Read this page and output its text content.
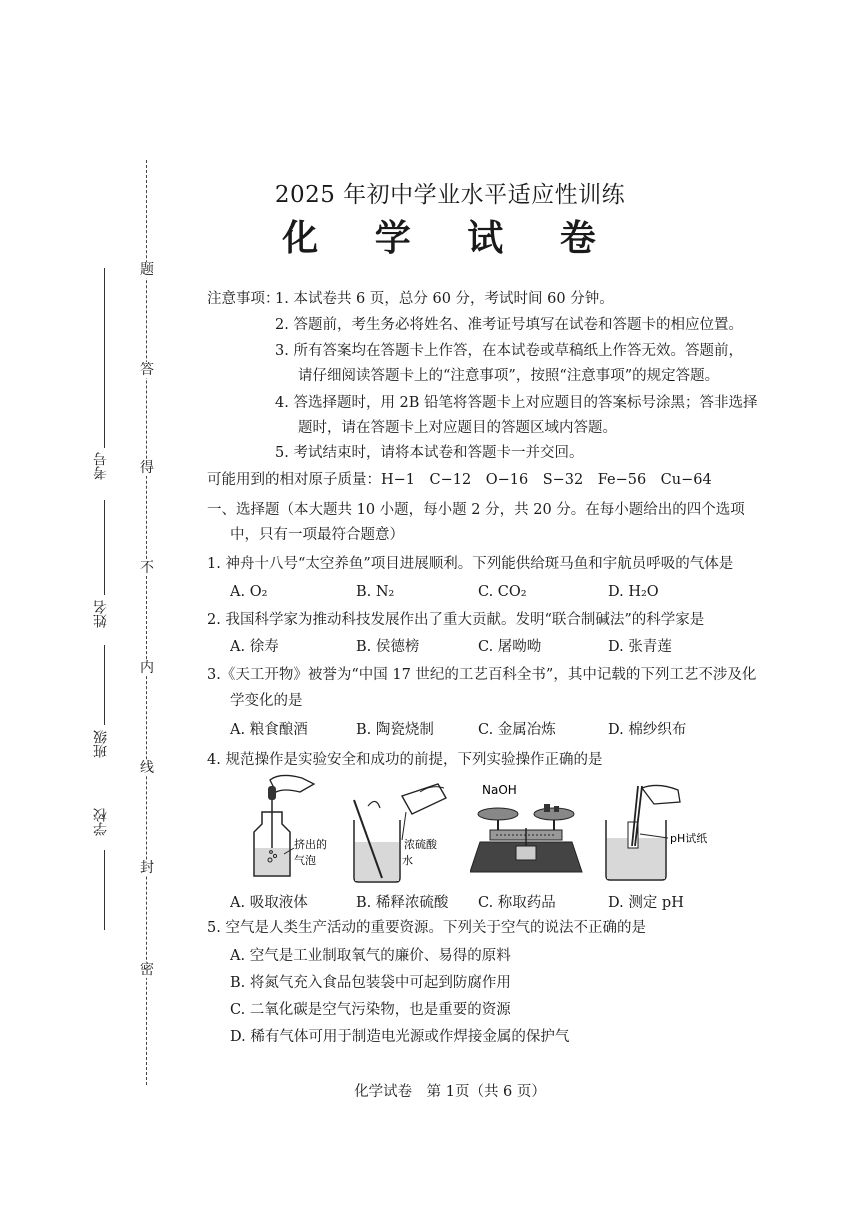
题
答
得
不
内
线
封
密
考号
姓名
班级
学校
2025 年初中学业水平适应性训练
化 学 试 卷
注意事项：
1. 本试卷共 6 页，总分 60 分，考试时间 60 分钟。
2. 答题前，考生务必将姓名、准考证号填写在试卷和答题卡的相应位置。
3. 所有答案均在答题卡上作答，在本试卷或草稿纸上作答无效。答题前，
请仔细阅读答题卡上的“注意事项”，按照“注意事项”的规定答题。
4. 答选择题时，用 2B 铅笔将答题卡上对应题目的答案标号涂黑；答非选择
题时，请在答题卡上对应题目的答题区域内答题。
5. 考试结束时，请将本试卷和答题卡一并交回。
可能用到的相对原子质量：H−1　C−12　O−16　S−32　Fe−56　Cu−64
一、选择题（本大题共 10 小题，每小题 2 分，共 20 分。在每小题给出的四个选项
中，只有一项最符合题意）
1. 神舟十八号“太空养鱼”项目进展顺利。下列能供给斑马鱼和宇航员呼吸的气体是
A. O₂	B. N₂	C. CO₂	D. H₂O
2. 我国科学家为推动科技发展作出了重大贡献。发明“联合制碱法”的科学家是
A. 徐寿	B. 侯德榜	C. 屠呦呦	D. 张青莲
3.《天工开物》被誉为“中国 17 世纪的工艺百科全书”，其中记载的下列工艺不涉及化
学变化的是
A. 粮食酿酒	B. 陶瓷烧制	C. 金属冶炼	D. 棉纱织布
4. 规范操作是实验安全和成功的前提，下列实验操作正确的是
挤出的
气泡
浓硫酸
水
NaOH
pH试纸
A. 吸取液体	B. 稀释浓硫酸 C. 称取药品	D. 测定 pH
5. 空气是人类生产活动的重要资源。下列关于空气的说法不正确的是
A. 空气是工业制取氧气的廉价、易得的原料
B. 将氮气充入食品包装袋中可起到防腐作用
C. 二氧化碳是空气污染物，也是重要的资源
D. 稀有气体可用于制造电光源或作焊接金属的保护气
化学试卷　第 1页（共 6 页）
